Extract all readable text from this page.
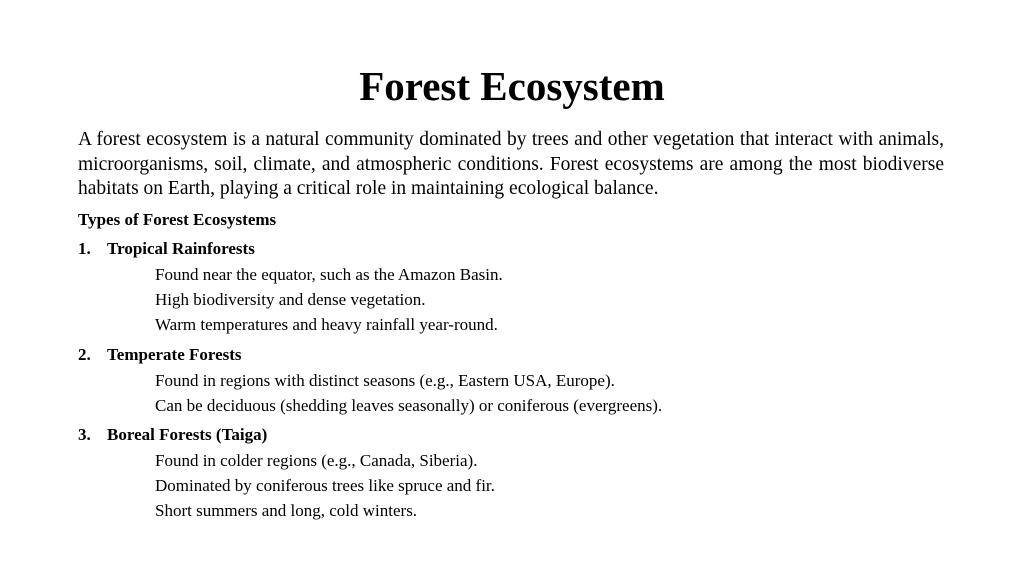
Forest Ecosystem

A forest ecosystem is a natural community dominated by trees and other vegetation that interact with animals, microorganisms, soil, climate, and atmospheric conditions. Forest ecosystems are among the most biodiverse habitats on Earth, playing a critical role in maintaining ecological balance.

Types of Forest Ecosystems
1. Tropical Rainforests
Found near the equator, such as the Amazon Basin.
High biodiversity and dense vegetation.
Warm temperatures and heavy rainfall year-round.
2. Temperate Forests
Found in regions with distinct seasons (e.g., Eastern USA, Europe).
Can be deciduous (shedding leaves seasonally) or coniferous (evergreens).
3. Boreal Forests (Taiga)
Found in colder regions (e.g., Canada, Siberia).
Dominated by coniferous trees like spruce and fir.
Short summers and long, cold winters.
